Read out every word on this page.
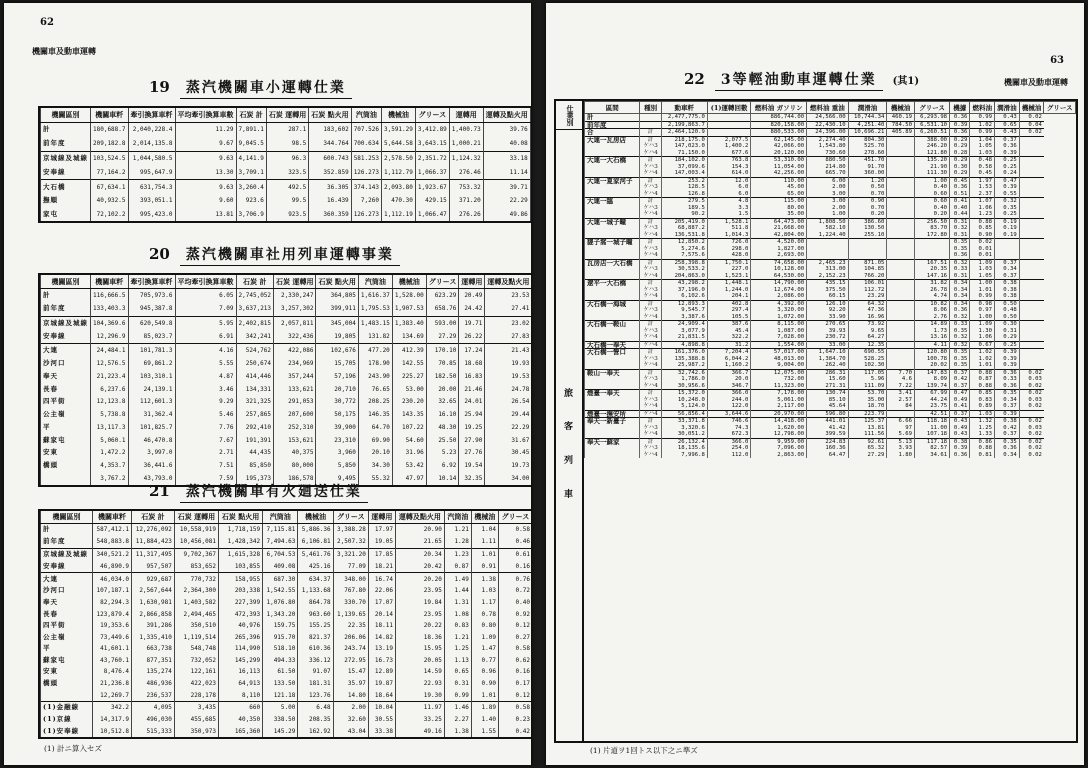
62
機關車及動車運轉
19	蒸汽機關車小運轉仕業
機關區別	機關車粁	牽引換算車粁	平均牽引換算車數	石炭 計	石炭 運轉用	石炭 點火用	汽筒油	機械油	グリース	運轉用	運轉及點火用			
計	180,688.7	2,040,228.4	11.29	7,891.1	287.1	183,602	707.526	3,591.29	3,412.89	1,400.73	39.76				
前年度	209,182.8	2,014,135.8	9.67	9,045.5	98.5	344.764	700.634	5,644.58	3,643.15	1,000.21	40.08				
京城線及城線	103,524.5	1,044,580.5	9.63	4,141.9	96.3	600.743	581.253	2,578.50	2,351.72	1,124.32	33.18				
安奉線	77,164.2	995,647.9	13.30	3,709.1	323.5	352.859	126.273	1,112.79	1,066.37	276.46	11.14				
大石橋	67,634.1	631,754.3	9.63	3,260.4	492.5	36.305	374.143	2,093.80	1,923.67	753.32	39.71				
撫順	40,932.5	393,051.1	9.60	923.6	99.5	16.439	7,260	470.30	429.15	371.20	22.29				
家屯	72,102.2	995,423.0	13.81	3,706.9	923.5	360.359	126.273	1,112.19	1,066.47	276.26	49.86				
20	蒸汽機關車社用列車運轉事業
機關區別	機關車粁	牽引換算車粁	平均牽引換算車數	石炭 計	石炭 運轉用	石炭 點火用	汽筒油	機械油	グリース	運轉用	運轉及點火用			
計	116,666.5	705,973.6	6.05	2,745,052	2,330,247	364,805	1,616.37	1,528.00	623.29	20.49	23.53			
前年度	133,403.3	945,387.8	7.09	3,637,213	3,257,302	399,911	1,795.53	1,907.53	658.76	24.42	27.41			
京城線及城線	104,369.6	620,549.8	5.95	2,402,815	2,057,811	345,004	1,483.15	1,383.40	593.00	19.71	23.02			
安奉線	12,296.9	85,023.7	6.91	342,241	322,436	19,805	131.82	134.69	27.29	26.22	27.83			
大連	24,484.1	101,781.3	4.16	524,762	422,086	102,676	477.20	412.39	170.10	17.24	21.43			
沙河口	12,576.5	69,861.2	5.55	250,674	234,969	15,705	178.90	142.55	70.85	18.68	19.93			
奉天	21,223.4	103,310.1	4.87	414,446	357,244	57,196	243.90	225.27	182.50	16.83	19.53			
長春	6,237.6	24,139.1	3.46	134,331	133,621	20,710	76.65	53.00	20.00	21.46	24.78			
四平街	12,123.8	112,601.3	9.29	321,325	291,053	30,772	208.25	230.20	32.65	24.01	26.54			
公主嶺	5,738.8	31,362.4	5.46	257,865	207,600	50,175	146.35	143.35	16.10	25.94	29.44			
平	13,117.3	101,825.7	7.76	292,410	252,310	39,900	64.70	107.22	48.30	19.25	22.29			
蘇家屯	5,060.1	46,470.8	7.67	191,391	153,621	23,310	69.90	54.60	25.50	27.90	31.67			
安東	1,472.2	3,997.0	2.71	44,435	40,375	3,960	20.10	31.96	5.23	27.76	30.45			
橋頭	4,353.7	36,441.6	7.51	85,850	80,000	5,850	34.30	53.42	6.92	19.54	19.73			
	3,767.2	43,793.0	7.59	195,373	186,578	9,495	55.32	47.97	10.14	32.35	34.00			
21	蒸汽機關車有火廻送仕業
機關區別	機關車粁	石炭 計	石炭 運轉用	石炭 點火用	汽筒油	機械油	グリース	運轉用	運轉及點火用	汽筒油	機械油	グリース
計	587,412.1	12,276,092	10,558,919	1,718,159	7,115.81	5,886.36	3,388.28	17.97	20.90	1.21	1.04	0.58
前年度	548,883.8	11,884,423	10,456,081	1,428,342	7,494.63	6,106.81	2,507.32	19.05	21.65	1.28	1.11	0.46
京城線及城線	340,521.2	11,317,495	9,702,367	1,615,328	6,704.53	5,461.76	3,321.20	17.85	20.34	1.23	1.01	0.61
安奉線	46,890.9	957,507	853,652	103,855	409.08	425.16	77.09	18.21	20.42	0.87	0.91	0.16
大連	46,034.0	929,687	770,732	158,955	687.30	634.37	348.00	16.74	20.20	1.49	1.38	0.76
沙河口	107,187.1	2,567,644	2,364,300	203,338	1,542.55	1,133.68	767.80	22.06	23.95	1.44	1.03	0.72
奉天	82,294.3	1,630,981	1,403,582	227,399	1,076.80	864.78	330.70	17.07	19.84	1.31	1.17	0.40
長春	123,879.4	2,866,858	2,494,465	472,393	1,343.20	963.60	1,139.65	20.14	23.95	1.08	0.78	0.92
四平街	19,353.6	391,286	350,510	40,976	159.75	155.25	22.35	18.11	20.22	0.83	0.80	0.12
公主嶺	73,449.6	1,335,410	1,119,514	265,396	915.70	821.37	206.06	14.82	18.36	1.21	1.09	0.27
平	41,601.1	663,738	548,748	114,990	518.10	610.36	243.74	13.19	15.95	1.25	1.47	0.58
蘇家屯	43,760.1	877,351	732,052	145,299	494.33	336.12	272.95	16.73	20.05	1.13	0.77	0.62
安東	8,476.4	135,274	122,161	16,113	61.50	91.07	15.47	12.89	14.59	0.65	0.96	0.16
橋頭	21,236.8	486,936	422,023	64,913	133.50	181.31	35.97	19.87	22.93	0.31	0.90	0.17
	12,269.7	236,537	228,178	8,110	121.18	123.76	14.80	18.64	19.30	0.99	1.01	0.12
(1)金融線	342.2	4,095	3,435	660	5.00	6.48	2.00	10.04	11.97	1.46	1.89	0.58
(1)京線	14,317.9	496,030	455,685	40,350	338.50	208.35	32.60	30.55	33.25	2.27	1.40	0.23
(1)安奉線	10,512.8	515,333	350,973	165,360	145.29	162.92	43.04	33.38	49.16	1.38	1.55	0.42
(1) 計ニ算入セズ
63
機關車及動車運轉
22	3等輕油動車運轉仕業	(其1)
仕業別
旅
客
列
車
區間	種別	動車粁	(1)運轉回數	燃料油 ガソリン	燃料油 重油	潤滑油	機械油	グリース	機據	燃料油	潤滑油	機械油	グリース
計		2,477,775.0		886,744.00	24,566.00	10,744.34	460.19	6,293.98	0.36	0.99	0.43	0.02	
前年度		2,199,863.7		820,158.00	22,430.10	4,251.40	784.50	6,531.10	0.39	1.02	0.65	0.04	
合	計	2,464,120.9		880,533.00	24,396.00	10,696.21	405.89	6,260.51	0.36	0.99	0.43	0.02	
大連一瓦房店	計	218,175.0	2,077.5	62,145.00	2,274.40	804.30		388.00	0.29	1.04	0.37		
	ケハ3	147,023.0	1,400.2	42,066.00	1,543.80	525.70		246.20	0.29	1.05	0.36		
	ケハ4	71,150.0	677.6	20,120.00	730.60	278.60		121.80	0.28	1.03	0.39		
大連一大石橋	計	184,102.0	763.8	53,310.00	880.50	451.70		135.20	0.29	0.48	0.25		
	ケハ3	37,099.6	154.3	11,054.00	214.80	91.70		21.90	0.30	0.58	0.25		
	ケハ4	147,003.4	614.0	42,256.00	665.70	360.00		111.30	0.29	0.45	0.24		
大連一夏家河子	計	253.2	12.0	110.00	6.00	1.20		1.00	0.45	1.97	0.47		
	ケハ3	128.5	6.0	45.00	2.00	0.50		0.40	0.36	1.53	0.39		
	ケハ4	126.8	6.0	65.00	3.00	0.70		0.60	0.51	2.37	0.55		
大連一臨	計	279.5	4.8	115.00	3.00	0.90		0.60	0.41	1.07	0.32		
	ケハ3	189.5	3.3	80.00	2.00	0.70		0.40	0.40	1.06	0.35		
	ケハ4	90.2	1.5	35.00	1.00	0.20		0.20	0.44	1.23	0.25		
大連一城子疃	計	205,419.0	1,528.1	64,473.00	1,808.50	386.60		256.50	0.31	0.88	0.19		
	ケハ3	68,887.2	511.8	21,668.00	582.10	130.50		83.70	0.32	0.85	0.19		
	ケハ4	136,531.8	1,014.3	42,804.00	1,224.40	255.10		172.80	0.31	0.90	0.19		
貔子窩一城子疃	計	12,850.2	726.0	4,520.00					0.35	0.02			
	ケハ3	5,274.6	298.0	1,827.00					0.35	0.01			
	ケハ4	7,575.6	428.0	2,693.00					0.36	0.01			
瓦房店一大石橋	計	258,398.8	1,750.1	74,658.00	2,465.23	871.05		167.51	0.32	1.09	0.37		
	ケハ3	30,533.2	227.0	10,128.00	313.00	104.85		20.35	0.33	1.03	0.34		
	ケハ4	204,863.0	1,523.1	64,530.00	2,152.23	766.20		147.16	0.31	1.05	0.37		
遼平一大石橋	計	43,298.2	1,448.1	14,790.00	435.15	106.01		31.82	0.34	1.00	0.38		
	ケハ3	37,196.0	1,244.0	12,674.00	375.50	112.72		26.78	0.34	1.01	0.38		
	ケハ4	6,102.6	204.1	2,086.00	60.15	23.29		4.74	0.34	0.99	0.38		
大石橋一海城	計	12,893.3	402.8	4,392.00	126.10	64.32		10.82	0.34	0.98	0.50		
	ケハ3	9,545.7	297.4	3,320.00	92.20	47.36		8.06	0.36	0.97	0.48		
	ケハ4	3,387.6	105.5	1,072.00	33.90	16.96		2.76	0.32	1.00	0.50		
大石橋一鞍山	計	24,909.4	387.6	8,115.00	270.65	73.92		14.89	0.33	1.09	0.30		
	ケハ3	3,077.9	45.4	1,087.00	39.93	9.65		1.73	0.35	1.30	0.31		
	ケハ4	21,831.5	322.2	7,028.00	230.72	64.27		13.16	0.32	1.06	0.29		
大石橋一奉天	ケハ4	4,898.8	31.2	1,554.00	33.00	12.35		4.11	0.32	0.67	0.25		
大石橋一營口	計	161,376.0	7,204.4	57,017.00	1,647.10	690.55		120.80	0.35	1.02	0.39		
	ケハ3	135,388.8	6,044.2	48,013.00	1,384.70	528.25		100.78	0.35	1.02	0.39		
	ケハ4	25,987.2	1,160.2	9,004.00	262.40	102.30		20.02	0.35	1.01	0.39		
鞍山一奉天	計	32,742.6	366.7	12,075.00	286.31	117.05	7.70	147.83	0.37	0.88	0.36	0.02	
	ケハ3	1,786.0	20.0	732.00	15.60	5.96	4.6	8.09	0.42	0.87	0.33	0.03	
	ケハ4	30,956.6	346.7	11,323.00	271.31	111.09	7.22	139.74	0.37	0.88	0.36	0.02	
煙臺一奉天	計	15,372.0	366.0	7,178.00	130.74	53.70	3.41	67.99	0.47	0.85	0.35	0.02	
	ケハ3	10,248.0	244.0	5,061.00	85.10	35.00	2.57	44.24	0.49	0.83	0.34	0.03	
	ケハ4	5,124.0	122.0	2,117.00	45.64	18.70	84	23.75	0.41	0.89	0.37	0.02	
煙臺一撫安所	ケハ4	56,856.4	3,644.6	20,970.00	596.80	223.79		42.51	0.37	1.03	0.39		
奉天一新臺子	計	33,371.8	746.6	14,418.00	441.01	125.37	6.66	118.18	0.43	1.32	0.38	0.02	
	ケハ3	3,320.6	74.3	1,620.00	41.42	13.81	97	11.00	0.49	1.25	0.42	0.03	
	ケハ4	30,051.2	672.3	12,798.00	399.59	111.56	5.69	107.18	0.43	1.33	0.37	0.02	
奉天一蘇家	計	26,132.4	366.0	9,959.00	224.83	92.61	5.13	117.18	0.38	0.86	0.35	0.02	
	ケハ3	18,135.6	254.0	7,096.00	160.36	65.32	3.93	82.57	0.39	0.88	0.36	0.02	
	ケハ4	7,996.8	112.0	2,863.00	64.47	27.29	1.80	34.61	0.36	0.81	0.34	0.02	
(1) 片道ヲ1回トス以下之ニ準ズ
